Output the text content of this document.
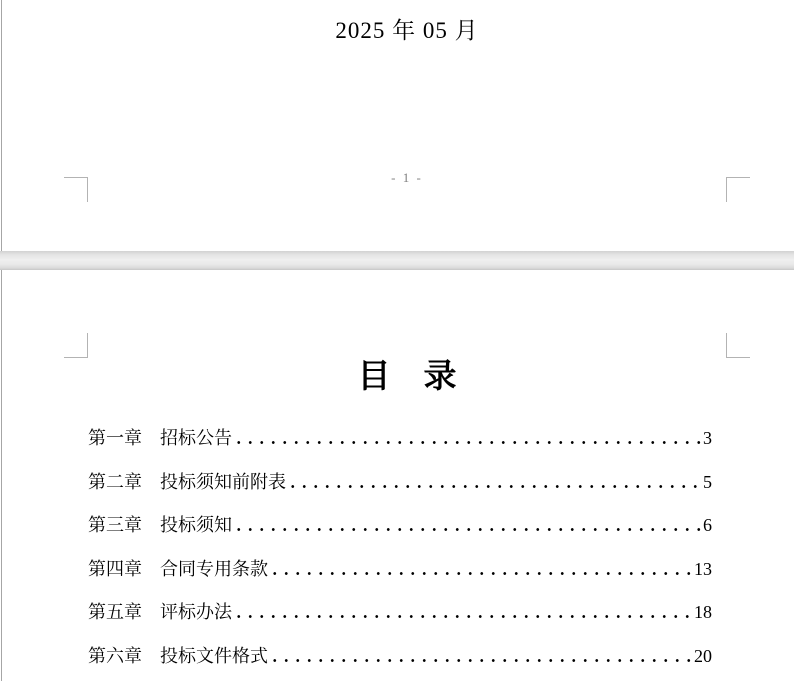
2025 年 05 月
- 1 -
目　录
第一章 招标公告	3
第二章 投标须知前附表	5
第三章 投标须知	6
第四章 合同专用条款	13
第五章 评标办法	18
第六章 投标文件格式	20
